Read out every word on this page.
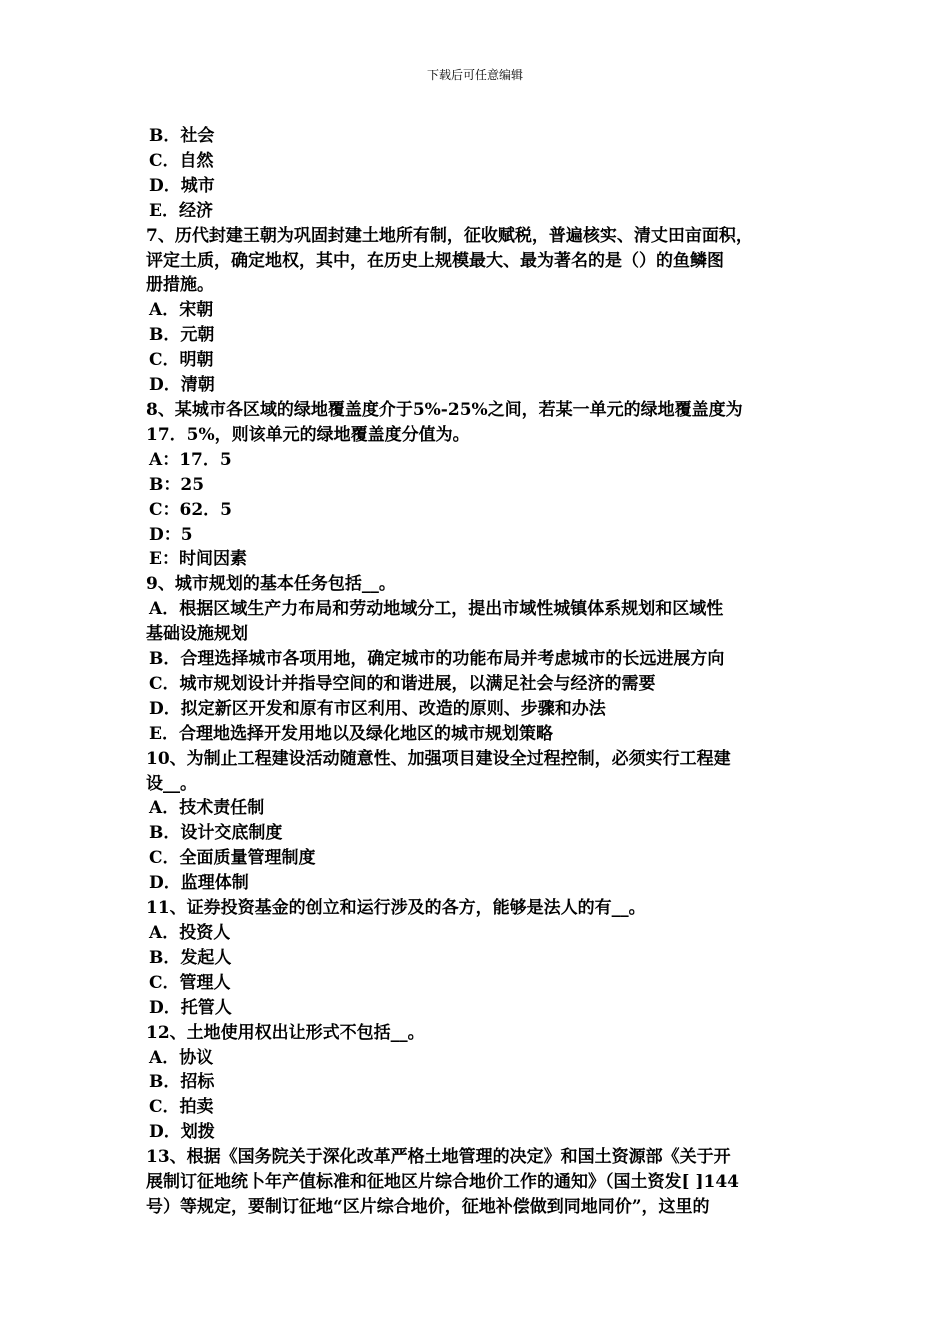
下载后可任意编辑
B．社会
C．自然
D．城市
E．经济
7、历代封建王朝为巩固封建土地所有制，征收赋税，普遍核实、清丈田亩面积，
评定土质，确定地权，其中，在历史上规模最大、最为著名的是（）的鱼鳞图
册措施。
A．宋朝
B．元朝
C．明朝
D．清朝
8、某城市各区域的绿地覆盖度介于5%-25%之间，若某一单元的绿地覆盖度为
17．5%，则该单元的绿地覆盖度分值为。
A：17．5
B：25
C：62．5
D：5
E：时间因素
9、城市规划的基本任务包括__。
A．根据区域生产力布局和劳动地域分工，提出市域性城镇体系规划和区域性
基础设施规划
B．合理选择城市各项用地，确定城市的功能布局并考虑城市的长远进展方向
C．城市规划设计并指导空间的和谐进展，以满足社会与经济的需要
D．拟定新区开发和原有市区利用、改造的原则、步骤和办法
E．合理地选择开发用地以及绿化地区的城市规划策略
10、为制止工程建设活动随意性、加强项目建设全过程控制，必须实行工程建
设__。
A．技术责任制
B．设计交底制度
C．全面质量管理制度
D．监理体制
11、证券投资基金的创立和运行涉及的各方，能够是法人的有__。
A．投资人
B．发起人
C．管理人
D．托管人
12、土地使用权出让形式不包括__。
A．协议
B．招标
C．拍卖
D．划拨
13、根据《国务院关于深化改革严格土地管理的决定》和国土资源部《关于开
展制订征地统卜年产值标准和征地区片综合地价工作的通知》（国土资发[ ]144
号）等规定，要制订征地“区片综合地价，征地补偿做到同地同价”，这里的
